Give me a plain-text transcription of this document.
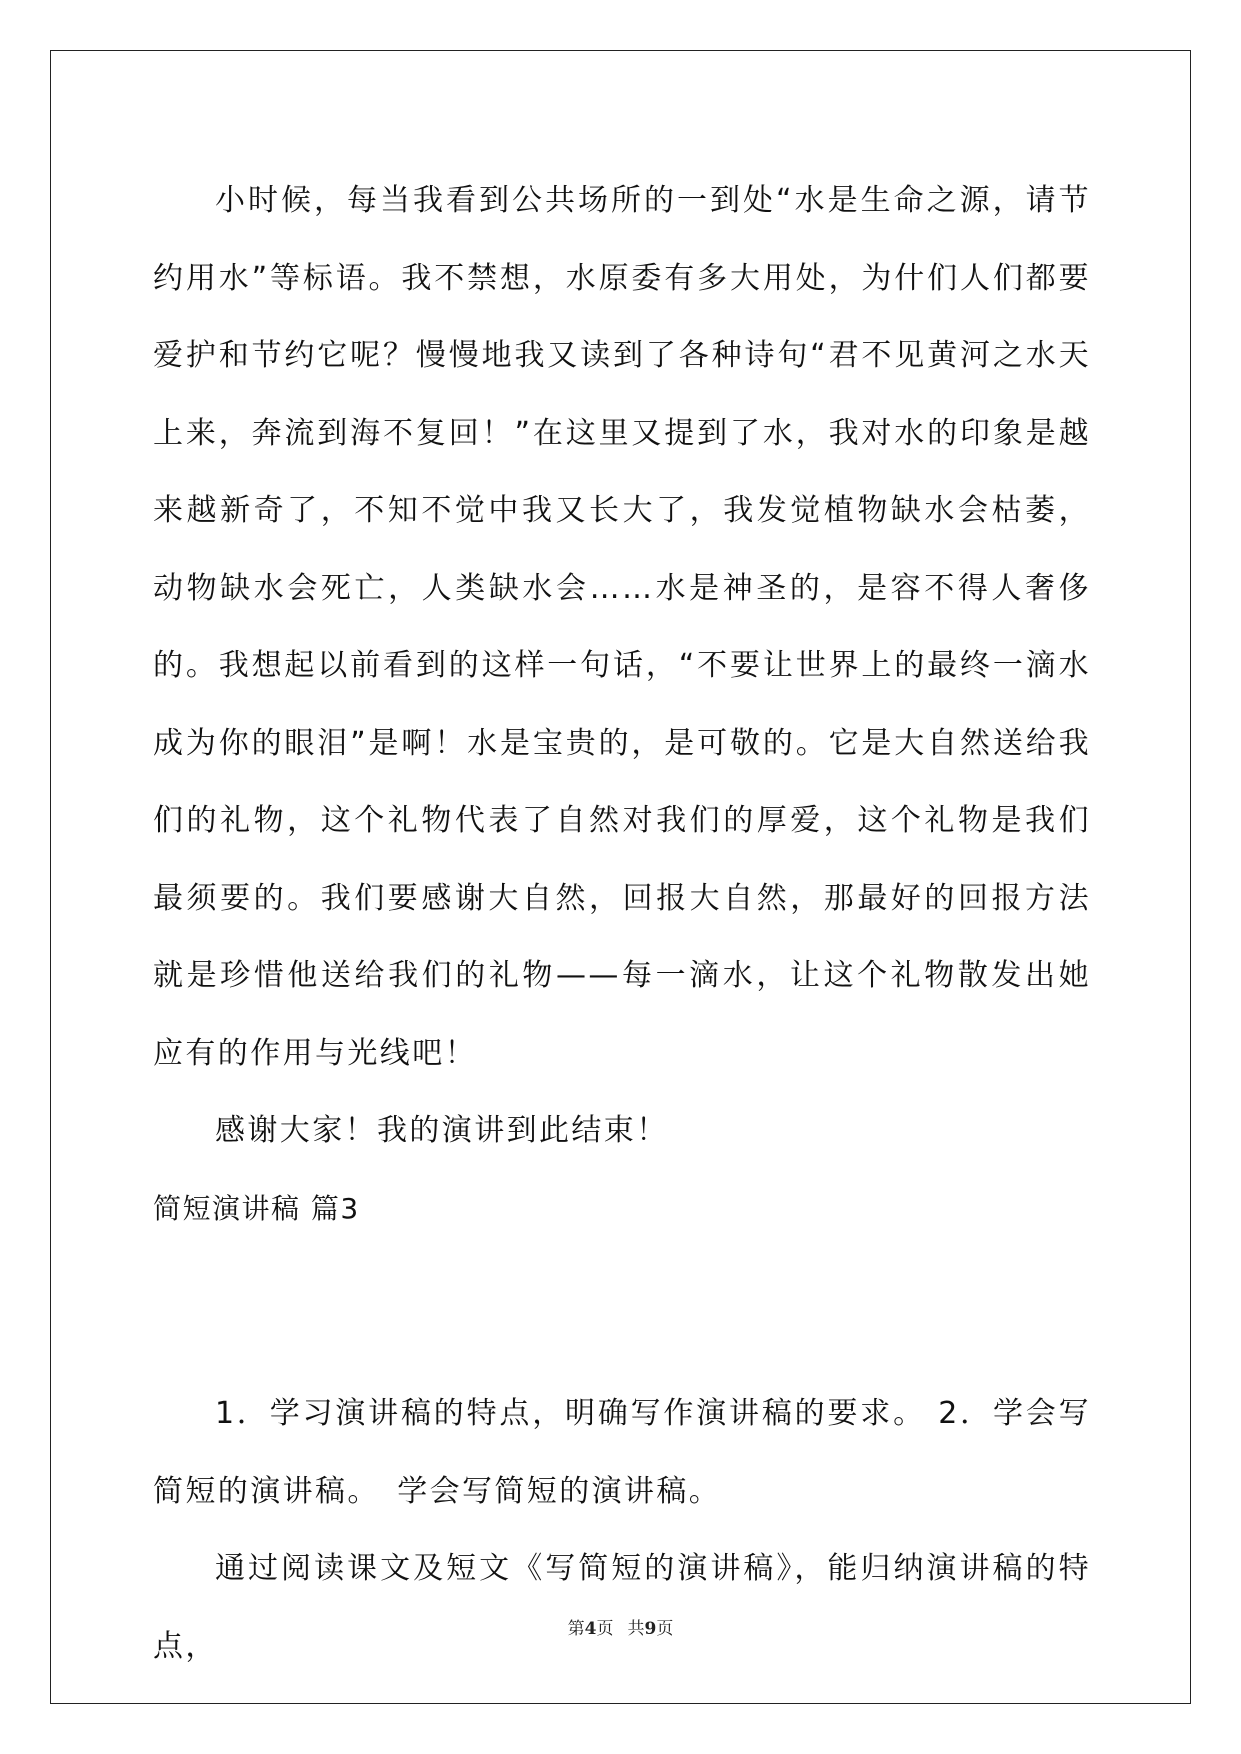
小时候，每当我看到公共场所的一到处“水是生命之源，请节约用水”等标语。我不禁想，水原委有多大用处，为什们人们都要爱护和节约它呢？慢慢地我又读到了各种诗句“君不见黄河之水天上来，奔流到海不复回！”在这里又提到了水，我对水的印象是越来越新奇了，不知不觉中我又长大了，我发觉植物缺水会枯萎，动物缺水会死亡，人类缺水会……水是神圣的，是容不得人奢侈的。我想起以前看到的这样一句话，“不要让世界上的最终一滴水成为你的眼泪”是啊！水是宝贵的，是可敬的。它是大自然送给我们的礼物，这个礼物代表了自然对我们的厚爱，这个礼物是我们最须要的。我们要感谢大自然，回报大自然，那最好的回报方法就是珍惜他送给我们的礼物——每一滴水，让这个礼物散发出她应有的作用与光线吧！

感谢大家！我的演讲到此结束！

简短演讲稿 篇3

1．学习演讲稿的特点，明确写作演讲稿的要求。 2．学会写简短的演讲稿。　学会写简短的演讲稿。

通过阅读课文及短文《写简短的演讲稿》，能归纳演讲稿的特点，	第4页 共9页
